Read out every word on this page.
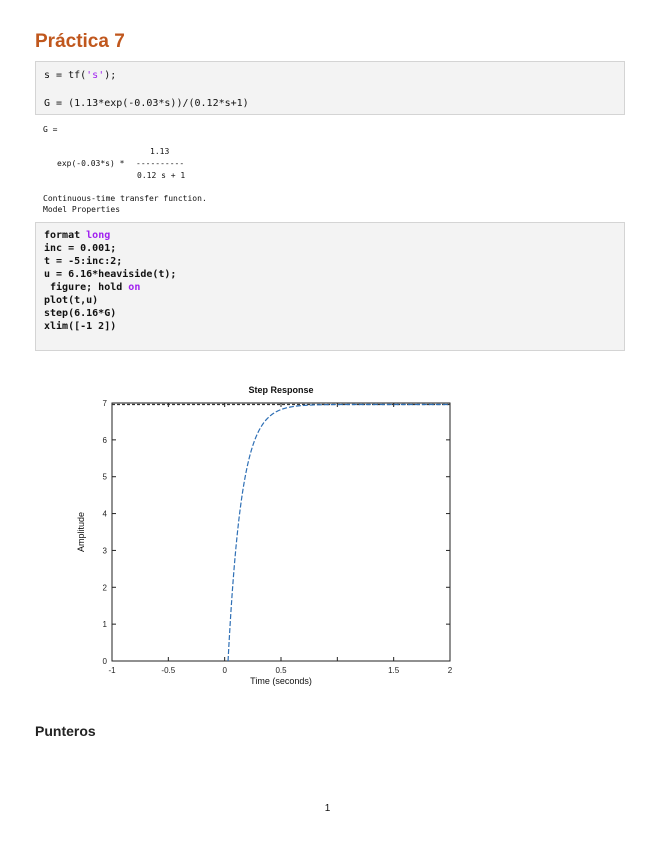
Práctica 7
s = tf('s');
G = (1.13*exp(-0.03*s))/(0.12*s+1)
G =
1.13
exp(-0.03*s) * ----------
0.12 s + 1
Continuous-time transfer function.
Model Properties
format long
inc = 0.001;
t = -5:inc:2;
u = 6.16*heaviside(t);
figure; hold on
plot(t,u)
step(6.16*G)
xlim([-1 2])
-1	-0.5	0	0.5	1.5	2
0
1
2
3
4
5
6
7
Step Response
Time (seconds)
Amplitude
Punteros
1
